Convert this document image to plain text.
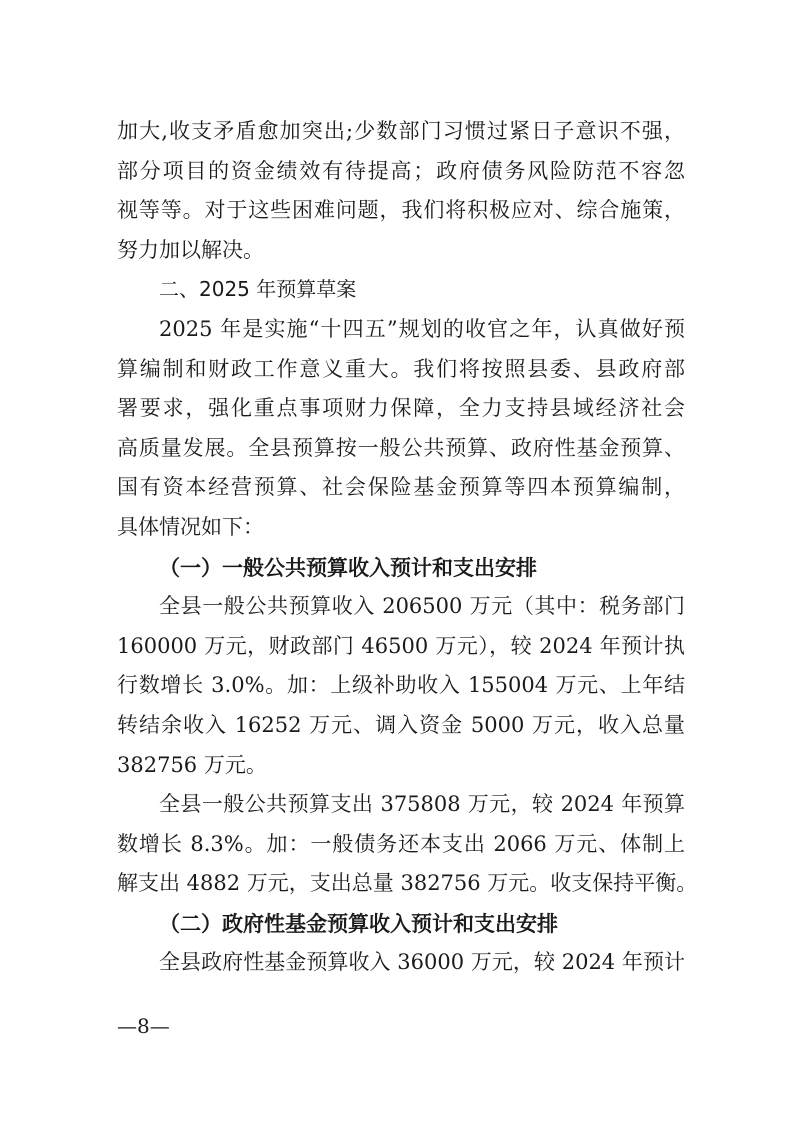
加大,收支矛盾愈加突出;少数部门习惯过紧日子意识不强，
部分项目的资金绩效有待提高；政府债务风险防范不容忽
视等等。对于这些困难问题，我们将积极应对、综合施策，
努力加以解决。
二、2025 年预算草案
2025 年是实施“十四五”规划的收官之年，认真做好预
算编制和财政工作意义重大。我们将按照县委、县政府部
署要求，强化重点事项财力保障，全力支持县域经济社会
高质量发展。全县预算按一般公共预算、政府性基金预算、
国有资本经营预算、社会保险基金预算等四本预算编制，
具体情况如下：
（一）一般公共预算收入预计和支出安排
全县一般公共预算收入 206500 万元（其中：税务部门
160000 万元，财政部门 46500 万元），较 2024 年预计执
行数增长 3.0%。加：上级补助收入 155004 万元、上年结
转结余收入 16252 万元、调入资金 5000 万元，收入总量
382756 万元。
全县一般公共预算支出 375808 万元，较 2024 年预算
数增长 8.3%。加：一般债务还本支出 2066 万元、体制上
解支出 4882 万元，支出总量 382756 万元。收支保持平衡。
（二）政府性基金预算收入预计和支出安排
全县政府性基金预算收入 36000 万元，较 2024 年预计
—8—
